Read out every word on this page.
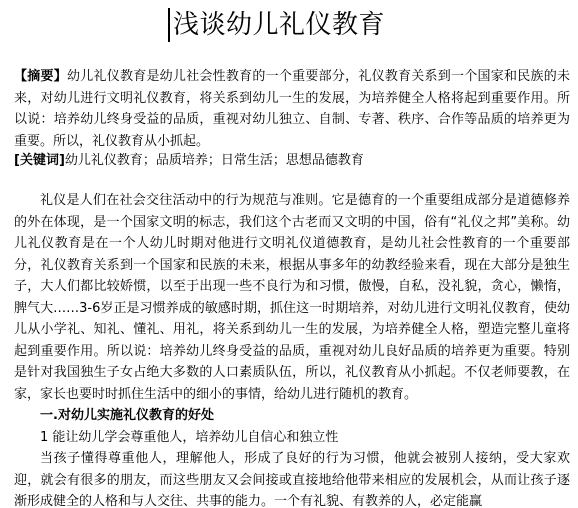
浅谈幼儿礼仪教育
【摘要】幼儿礼仪教育是幼儿社会性教育的一个重要部分，礼仪教育关系到一个国家和民族的未来，对幼儿进行文明礼仪教育，将关系到幼儿一生的发展，为培养健全人格将起到重要作用。所以说：培养幼儿终身受益的品质，重视对幼儿独立、自制、专著、秩序、合作等品质的培养更为重要。所以，礼仪教育从小抓起。
[关键词]幼儿礼仪教育；品质培养；日常生活；思想品德教育

礼仪是人们在社会交往活动中的行为规范与准则。它是德育的一个重要组成部分是道德修养的外在体现，是一个国家文明的标志，我们这个古老而又文明的中国，俗有“礼仪之邦”美称。幼儿礼仪教育是在一个人幼儿时期对他进行文明礼仪道德教育，是幼儿社会性教育的一个重要部分，礼仪教育关系到一个国家和民族的未来，根据从事多年的幼教经验来看，现在大部分是独生子，大人们都比较娇惯，以至于出现一些不良行为和习惯，傲慢，自私，没礼貌，贪心，懒惰，脾气大……3-6岁正是习惯养成的敏感时期，抓住这一时期培养，对幼儿进行文明礼仪教育，使幼儿从小学礼、知礼、懂礼、用礼，将关系到幼儿一生的发展，为培养健全人格，塑造完整儿童将起到重要作用。所以说：培养幼儿终身受益的品质，重视对幼儿良好品质的培养更为重要。特别是针对我国独生子女占绝大多数的人口素质队伍，所以，礼仪教育从小抓起。不仅老师要教，在家，家长也要时时抓住生活中的细小的事情，给幼儿进行随机的教育。

一.对幼儿实施礼仪教育的好处

1 能让幼儿学会尊重他人，培养幼儿自信心和独立性

当孩子懂得尊重他人，理解他人，形成了良好的行为习惯，他就会被别人接纳，受大家欢迎，就会有很多的朋友，而这些朋友又会间接或直接地给他带来相应的发展机会，从而让孩子逐渐形成健全的人格和与人交往、共事的能力。一个有礼貌、有教养的人，必定能赢
